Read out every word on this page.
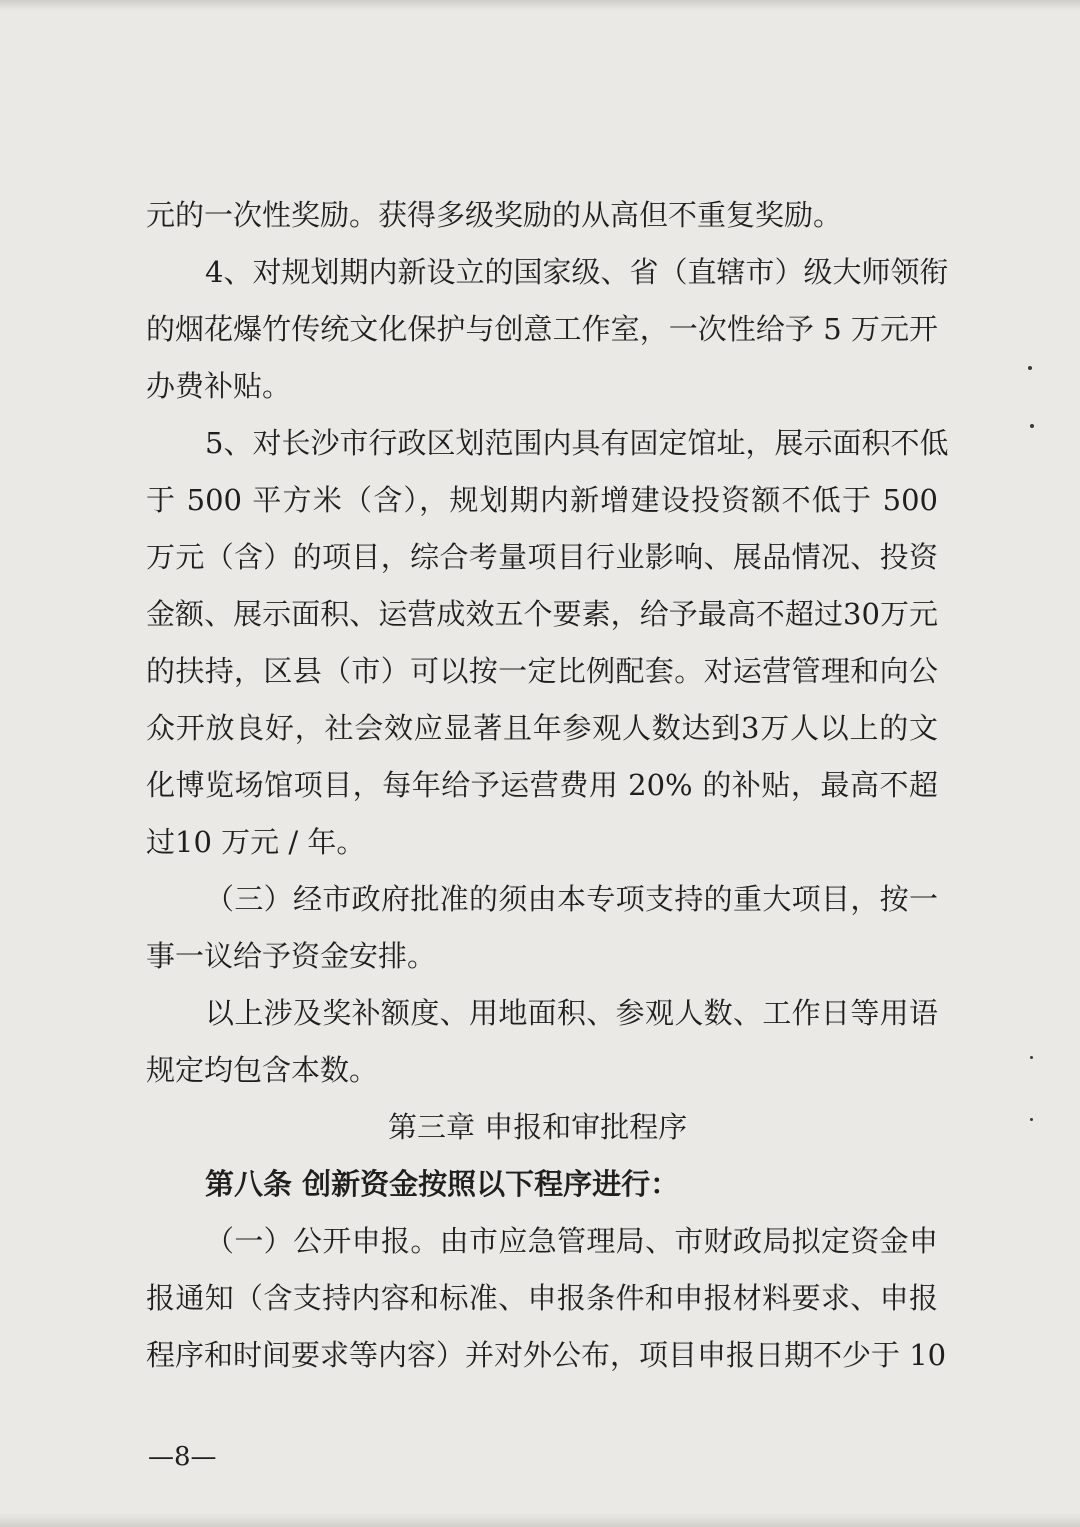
元的一次性奖励。获得多级奖励的从高但不重复奖励。
4、对规划期内新设立的国家级、省（直辖市）级大师领衔
的烟花爆竹传统文化保护与创意工作室，一次性给予 5 万元开
办费补贴。
5、对长沙市行政区划范围内具有固定馆址，展示面积不低
于 500 平方米（含），规划期内新增建设投资额不低于 500
万元（含）的项目，综合考量项目行业影响、展品情况、投资
金额、展示面积、运营成效五个要素，给予最高不超过30万元
的扶持，区县（市）可以按一定比例配套。对运营管理和向公
众开放良好，社会效应显著且年参观人数达到3万人以上的文
化博览场馆项目，每年给予运营费用 20% 的补贴，最高不超
过10 万元 / 年。
（三）经市政府批准的须由本专项支持的重大项目，按一
事一议给予资金安排。
以上涉及奖补额度、用地面积、参观人数、工作日等用语
规定均包含本数。
第三章 申报和审批程序
第八条 创新资金按照以下程序进行：
（一）公开申报。由市应急管理局、市财政局拟定资金申
报通知（含支持内容和标准、申报条件和申报材料要求、申报
程序和时间要求等内容）并对外公布，项目申报日期不少于 10
—8—
